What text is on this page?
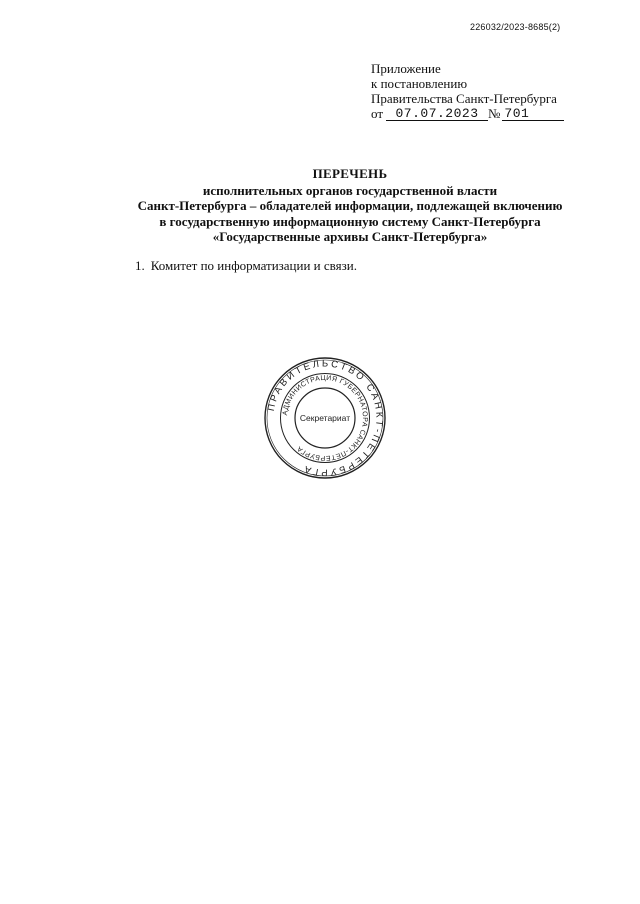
226032/2023-8685(2)
Приложение
к постановлению
Правительства Санкт-Петербурга
от 07.07.2023 № 701
ПЕРЕЧЕНЬ
исполнительных органов государственной власти
Санкт-Петербурга – обладателей информации, подлежащей включению
в государственную информационную систему Санкт-Петербурга
«Государственные архивы Санкт-Петербурга»
1. Комитет по информатизации и связи.
ПРАВИТЕЛЬСТВО САНКТ-ПЕТЕРБУРГА
АДМИНИСТРАЦИЯ ГУБЕРНАТОРА САНКТ-ПЕТЕРБУРГА
Секретариат
